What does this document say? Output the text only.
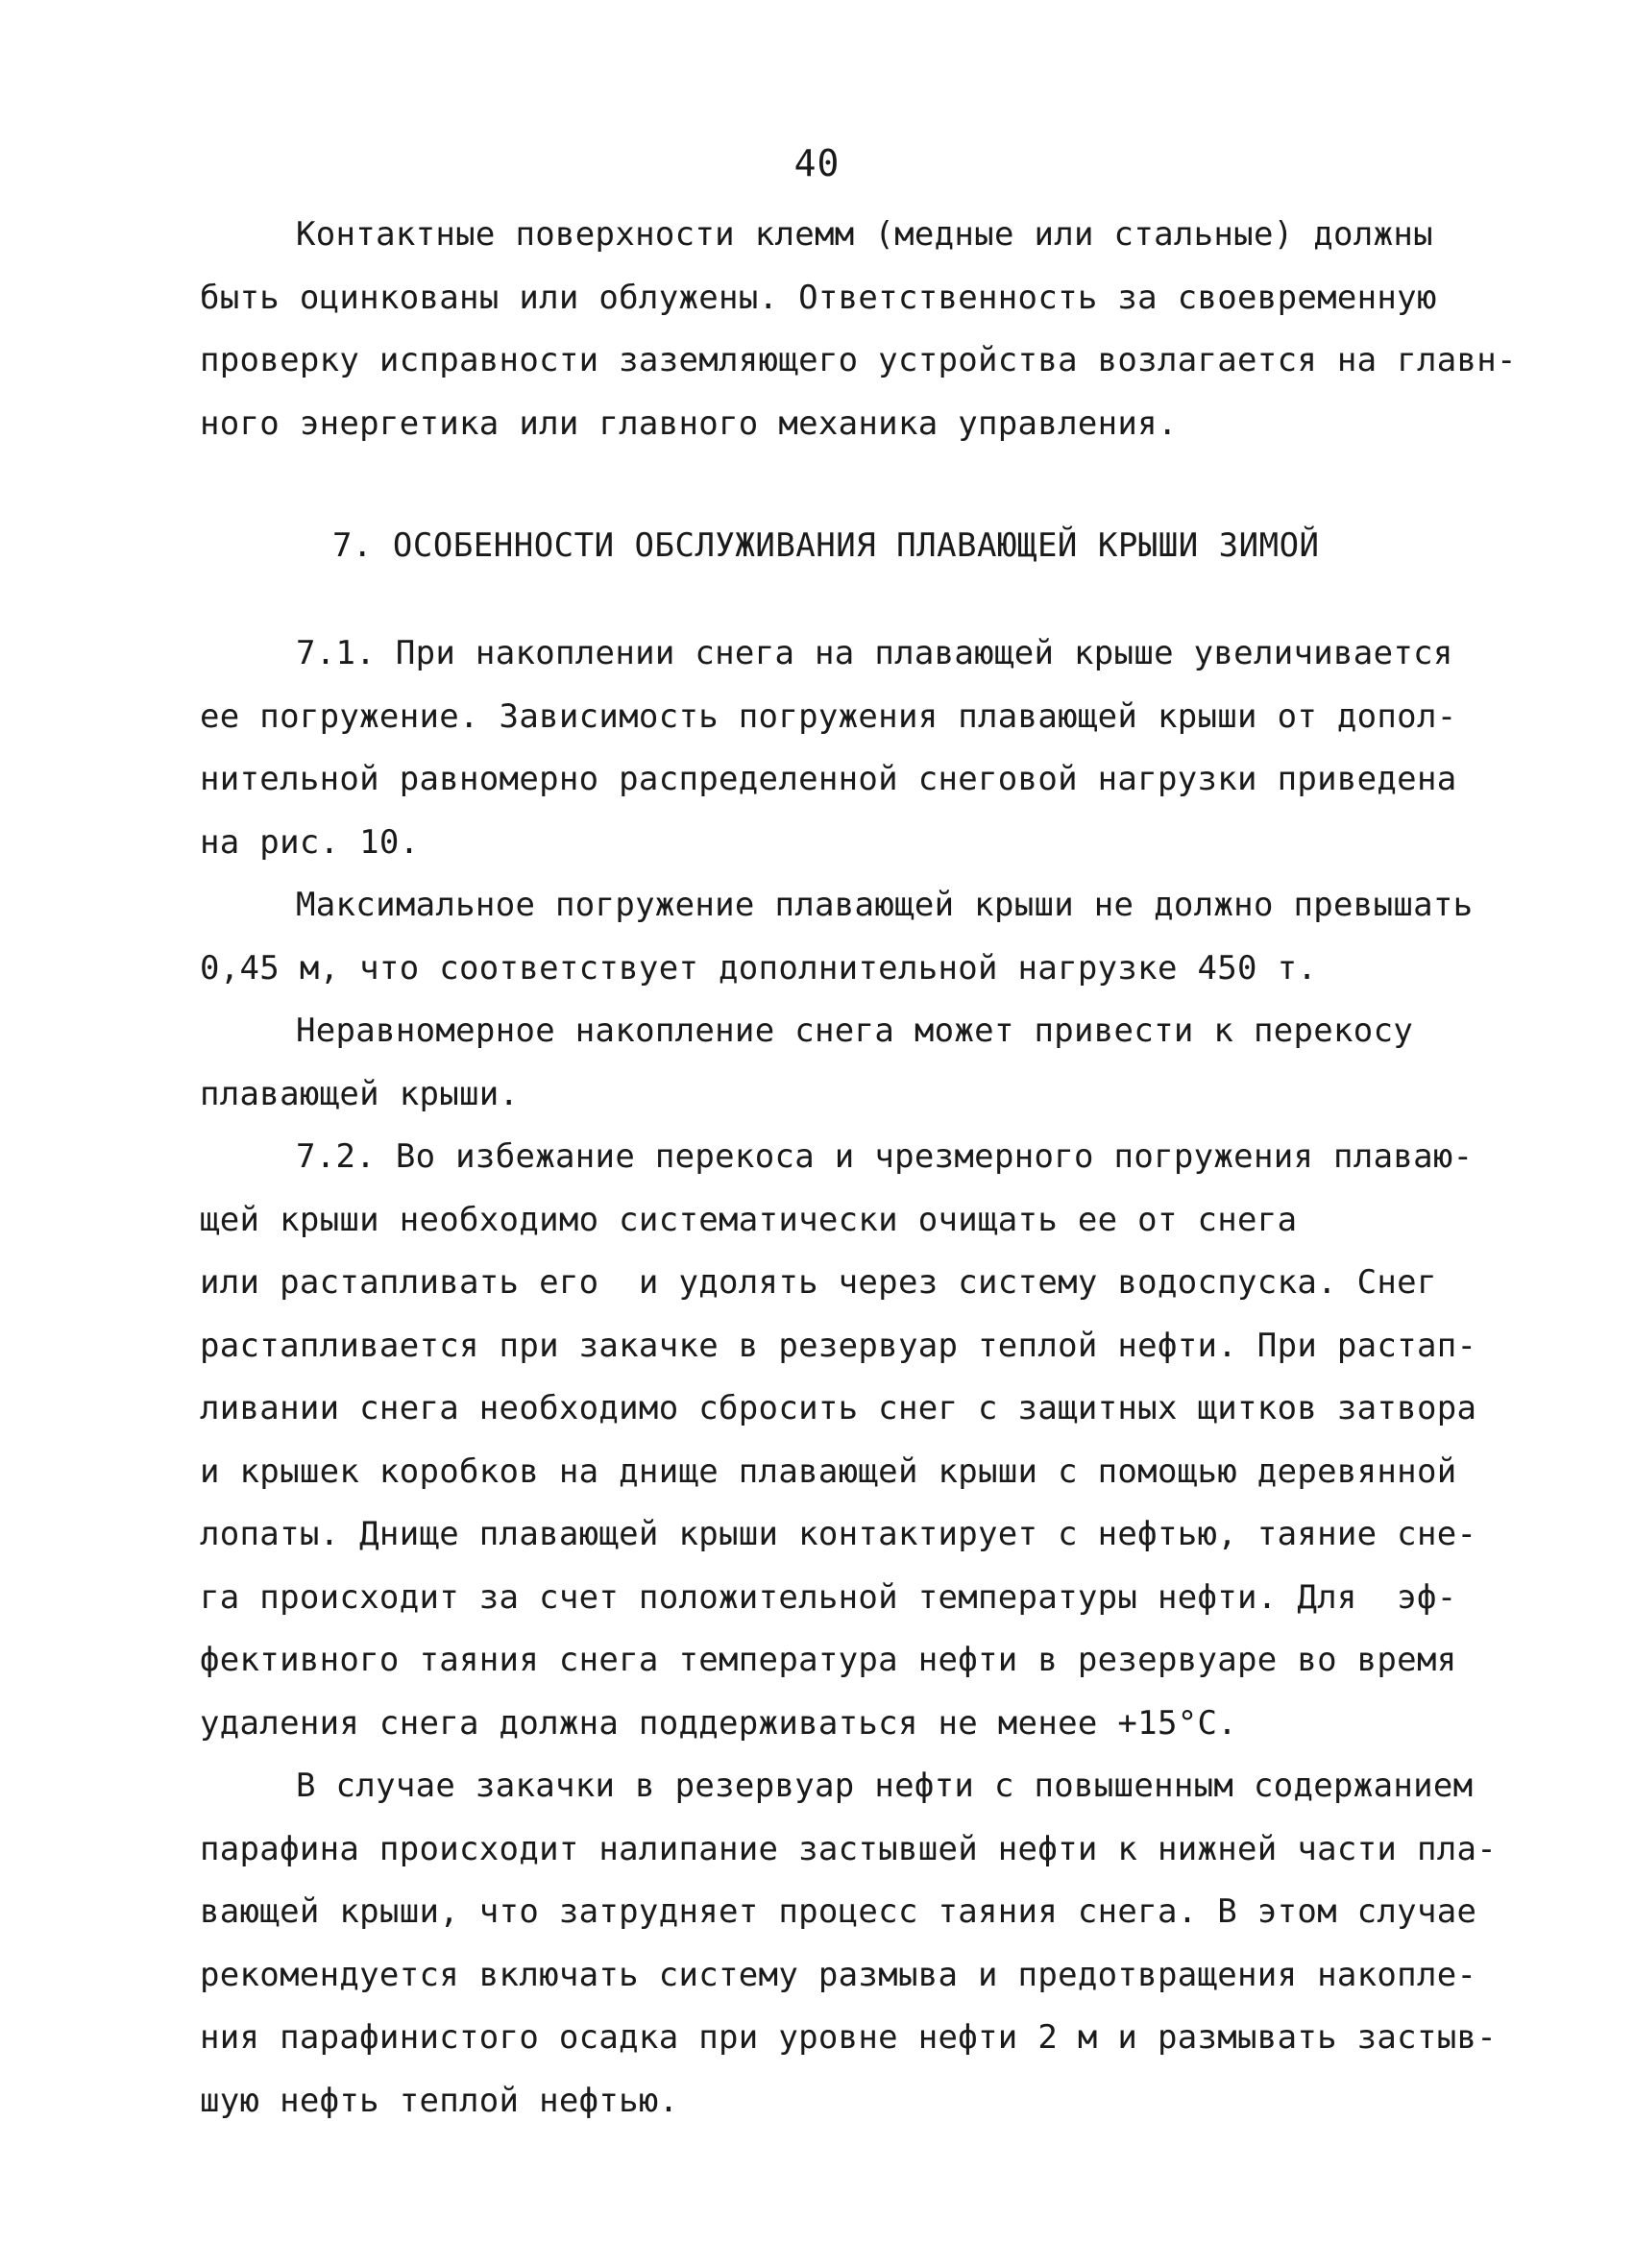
40
Контактные поверхности клемм (медные или стальные) должны
быть оцинкованы или облужены. Ответственность за своевременную
проверку исправности заземляющего устройства возлагается на главн-
ного энергетика или главного механика управления.
7. ОСОБЕННОСТИ ОБСЛУЖИВАНИЯ ПЛАВАЮЩЕЙ КРЫШИ ЗИМОЙ
7.1. При накоплении снега на плавающей крыше увеличивается
ее погружение. Зависимость погружения плавающей крыши от допол-
нительной равномерно распределенной снеговой нагрузки приведена
на рис. 10.
Максимальное погружение плавающей крыши не должно превышать
0,45 м, что соответствует дополнительной нагрузке 450 т.
Неравномерное накопление снега может привести к перекосу
плавающей крыши.
7.2. Во избежание перекоса и чрезмерного погружения плаваю-
щей крыши необходимо систематически очищать ее от снега
или растапливать его  и удолять через систему водоспуска. Снег
растапливается при закачке в резервуар теплой нефти. При растап-
ливании снега необходимо сбросить снег с защитных щитков затвора
и крышек коробков на днище плавающей крыши с помощью деревянной
лопаты. Днище плавающей крыши контактирует с нефтью, таяние сне-
га происходит за счет положительной температуры нефти. Для  эф-
фективного таяния снега температура нефти в резервуаре во время
удаления снега должна поддерживаться не менее +15°С.
В случае закачки в резервуар нефти с повышенным содержанием
парафина происходит налипание застывшей нефти к нижней части пла-
вающей крыши, что затрудняет процесс таяния снега. В этом случае
рекомендуется включать систему размыва и предотвращения накопле-
ния парафинистого осадка при уровне нефти 2 м и размывать застыв-
шую нефть теплой нефтью.
